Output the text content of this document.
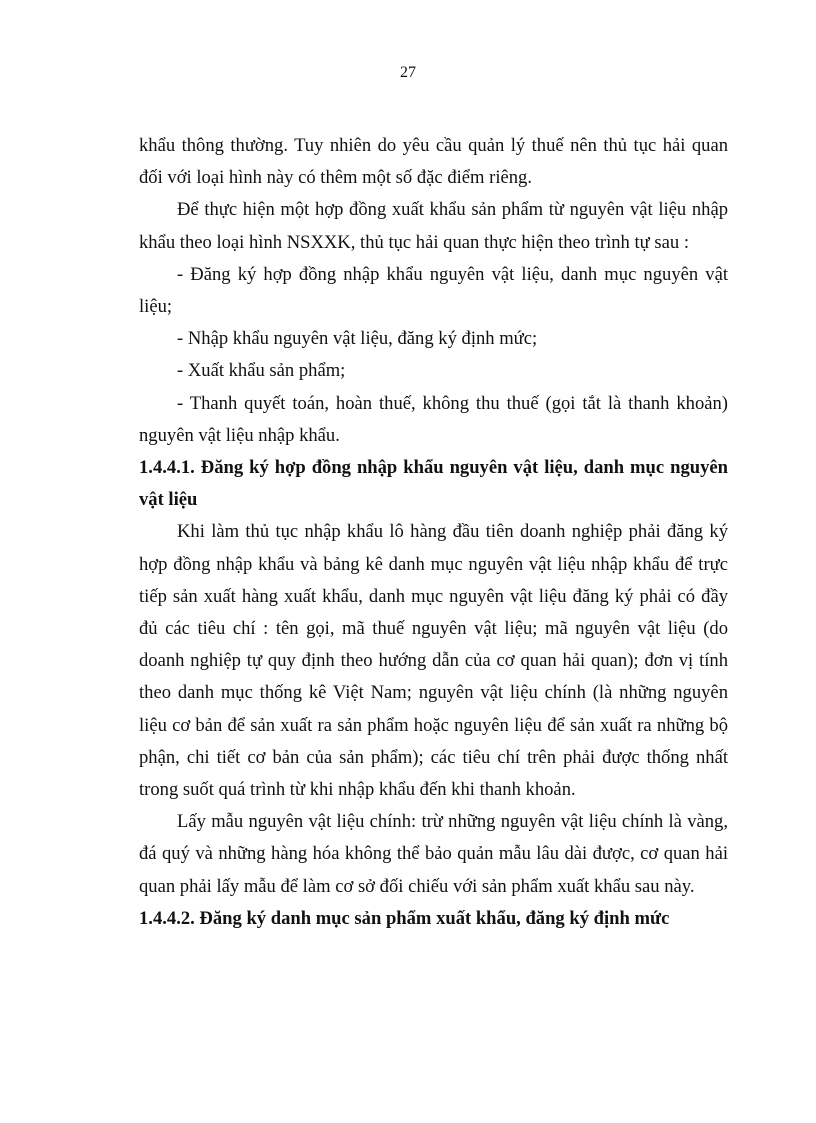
27

khẩu thông thường. Tuy nhiên do yêu cầu quản lý thuế nên thủ tục hải quan đối với loại hình này có thêm một số đặc điểm riêng.

Để thực hiện một hợp đồng xuất khẩu sản phẩm từ nguyên vật liệu nhập khẩu theo loại hình NSXXK, thủ tục hải quan thực hiện theo trình tự sau :

- Đăng ký hợp đồng nhập khẩu nguyên vật liệu, danh mục nguyên vật liệu;

- Nhập khẩu nguyên vật liệu, đăng ký định mức;

- Xuất khẩu sản phẩm;

- Thanh quyết toán, hoàn thuế, không thu thuế (gọi tắt là thanh khoản) nguyên vật liệu nhập khẩu.

1.4.4.1. Đăng ký hợp đồng nhập khẩu nguyên vật liệu, danh mục nguyên vật liệu

Khi làm thủ tục nhập khẩu lô hàng đầu tiên doanh nghiệp phải đăng ký hợp đồng nhập khẩu và bảng kê danh mục nguyên vật liệu nhập khẩu để trực tiếp sản xuất hàng xuất khẩu, danh mục nguyên vật liệu đăng ký phải có đầy đủ các tiêu chí : tên gọi, mã thuế nguyên vật liệu; mã nguyên vật liệu (do doanh nghiệp tự quy định theo hướng dẫn của cơ quan hải quan); đơn vị tính theo danh mục thống kê Việt Nam; nguyên vật liệu chính (là những nguyên liệu cơ bản để sản xuất ra sản phẩm hoặc nguyên liệu để sản xuất ra những bộ phận, chi tiết cơ bản của sản phẩm); các tiêu chí trên phải được thống nhất trong suốt quá trình từ khi nhập khẩu đến khi thanh khoản.

Lấy mẫu nguyên vật liệu chính: trừ những nguyên vật liệu chính là vàng, đá quý và những hàng hóa không thể bảo quản mẫu lâu dài được, cơ quan hải quan phải lấy mẫu để làm cơ sở đối chiếu với sản phẩm xuất khẩu sau này.

1.4.4.2. Đăng ký danh mục sản phẩm xuất khẩu, đăng ký định mức
